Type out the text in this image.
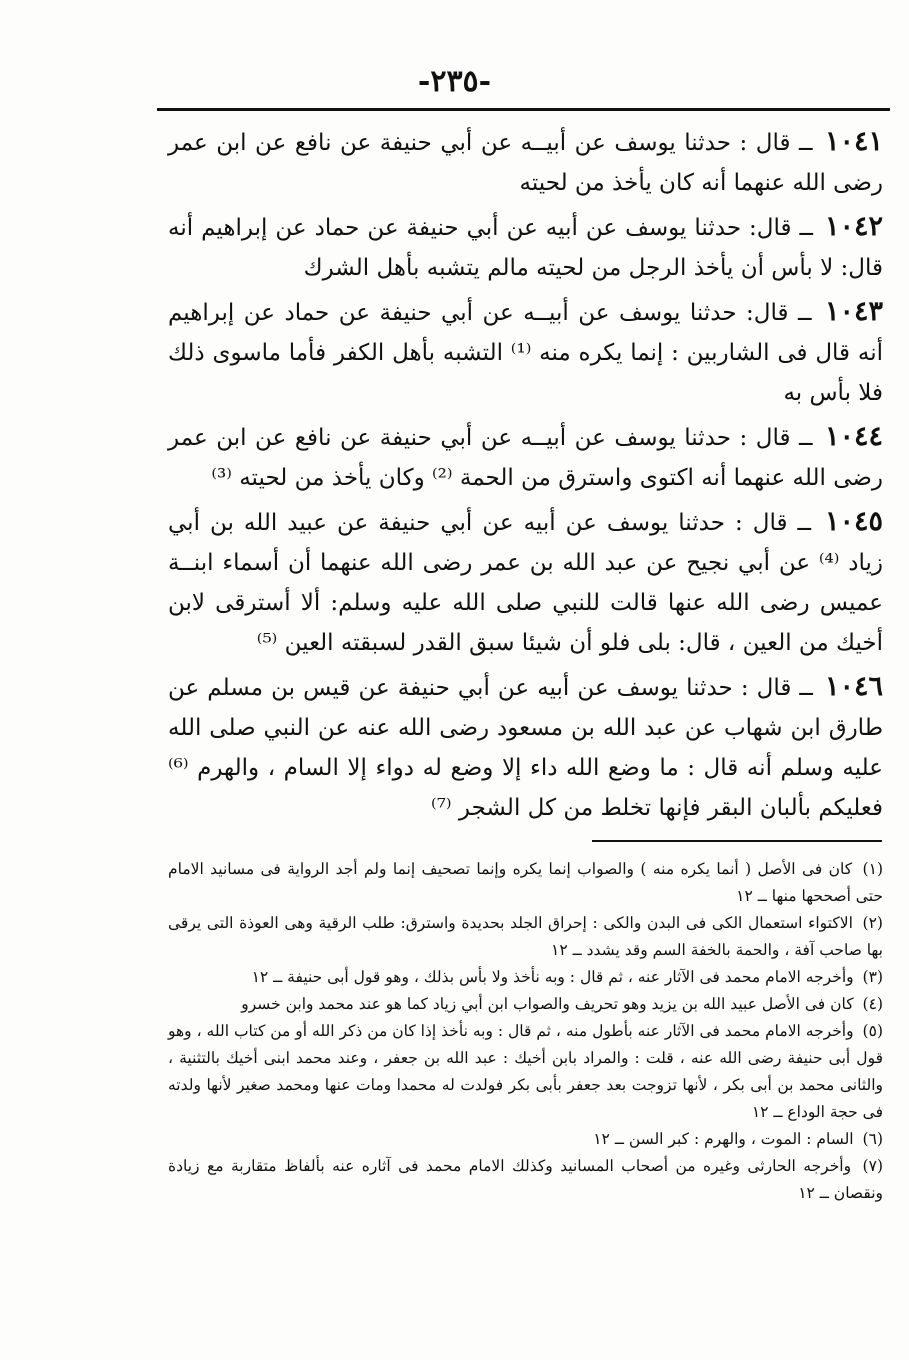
-٢٣٥-

١٠٤١ ــ قال : حدثنا يوسف عن أبيــه عن أبي حنيفة عن نافع عن ابن عمر رضى الله عنهما أنه كان يأخذ من لحيته

١٠٤٢ ــ قال: حدثنا يوسف عن أبيه عن أبي حنيفة عن حماد عن إبراهيم أنه قال: لا بأس أن يأخذ الرجل من لحيته مالم يتشبه بأهل الشرك

١٠٤٣ ــ قال: حدثنا يوسف عن أبيــه عن أبي حنيفة عن حماد عن إبراهيم أنه قال فى الشاربين : إنما يكره منه ⁽¹⁾ التشبه بأهل الكفر فأما ماسوى ذلك فلا بأس به

١٠٤٤ ــ قال : حدثنا يوسف عن أبيــه عن أبي حنيفة عن نافع عن ابن عمر رضى الله عنهما أنه اكتوى واسترق من الحمة ⁽²⁾ وكان يأخذ من لحيته ⁽³⁾

١٠٤٥ ــ قال : حدثنا يوسف عن أبيه عن أبي حنيفة عن عبيد الله بن أبي زياد ⁽⁴⁾ عن أبي نجيح عن عبد الله بن عمر رضى الله عنهما أن أسماء ابنــة عميس رضى الله عنها قالت للنبي صلى الله عليه وسلم: ألا أسترقى لابن أخيك من العين ، قال: بلى فلو أن شيئا سبق القدر لسبقته العين ⁽⁵⁾

١٠٤٦ ــ قال : حدثنا يوسف عن أبيه عن أبي حنيفة عن قيس بن مسلم عن طارق ابن شهاب عن عبد الله بن مسعود رضى الله عنه عن النبي صلى الله عليه وسلم أنه قال : ما وضع الله داء إلا وضع له دواء إلا السام ، والهرم ⁽⁶⁾ فعليكم بألبان البقر فإنها تخلط من كل الشجر ⁽⁷⁾

(١) كان فى الأصل ( أنما يكره منه ) والصواب إنما يكره وإنما تصحيف إنما ولم أجد الرواية فى مسانيد الامام حتى أصححها منها ــ ١٢

(٢) الاكتواء استعمال الكى فى البدن والكى : إحراق الجلد بحديدة واسترق: طلب الرقية وهى العوذة التى يرقى بها صاحب آفة ، والحمة بالخفة السم وقد يشدد ــ ١٢

(٣) وأخرجه الامام محمد فى الآثار عنه ، ثم قال : وبه نأخذ ولا بأس بذلك ، وهو قول أبى حنيفة ــ ١٢

(٤) كان فى الأصل عبيد الله بن يزيد وهو تحريف والصواب ابن أبي زياد كما هو عند محمد وابن خسرو

(٥) وأخرجه الامام محمد فى الآثار عنه بأطول منه ، ثم قال : وبه نأخذ إذا كان من ذكر الله أو من كتاب الله ، وهو قول أبى حنيفة رضى الله عنه ، قلت : والمراد بابن أخيك : عبد الله بن جعفر ، وعند محمد ابنى أخيك بالتثنية ، والثانى محمد بن أبى بكر ، لأنها تزوجت بعد جعفر بأبى بكر فولدت له محمدا ومات عنها ومحمد صغير لأنها ولدته فى حجة الوداع ــ ١٢

(٦) السام : الموت ، والهرم : كبر السن ــ ١٢

(٧) وأخرجه الحارثى وغيره من أصحاب المسانيد وكذلك الامام محمد فى آثاره عنه بألفاظ متقاربة مع زيادة ونقصان ــ ١٢
